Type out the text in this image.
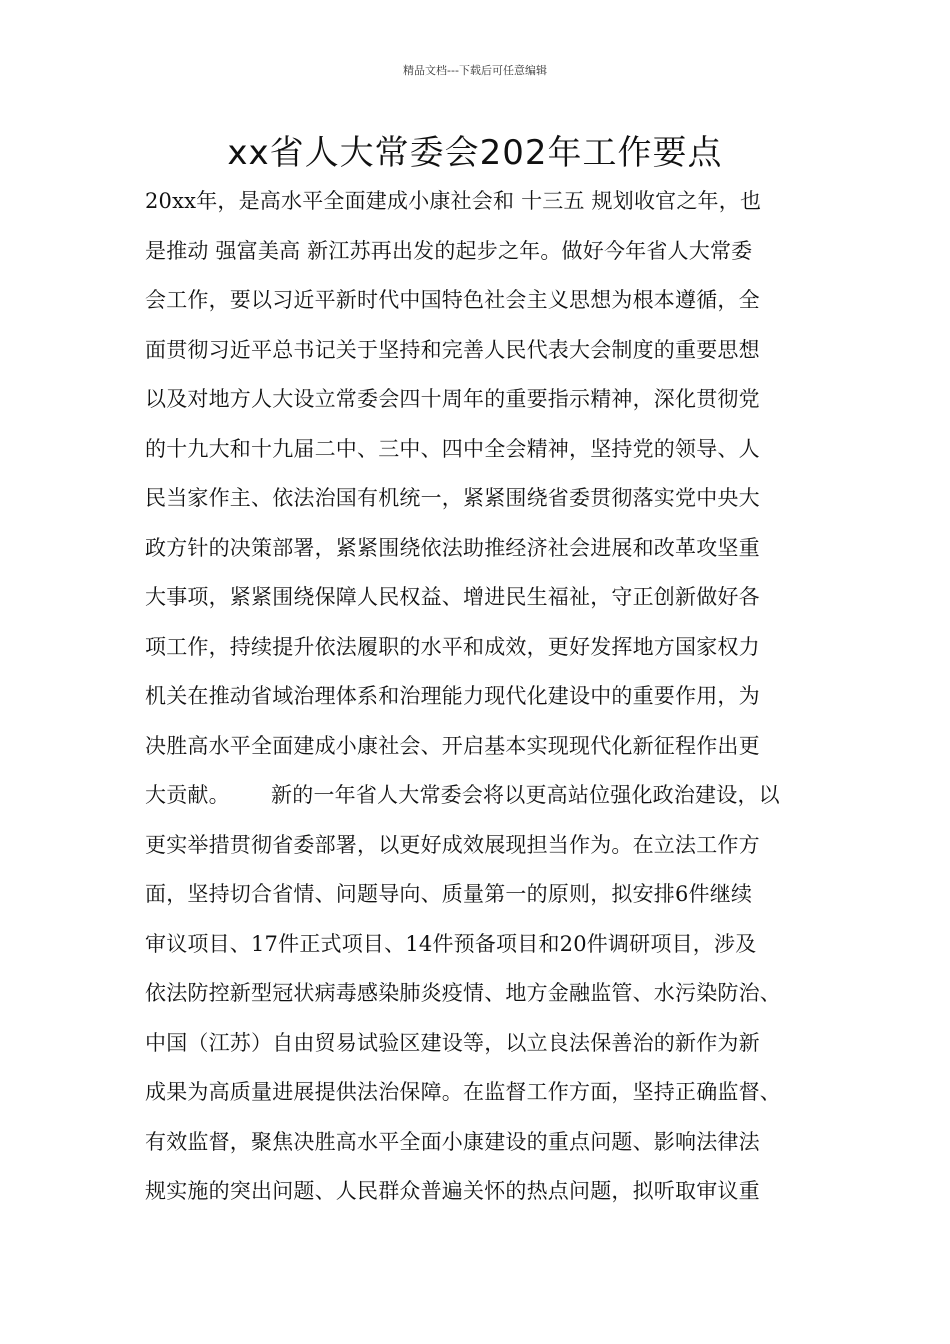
精品文档---下载后可任意编辑
xx省人大常委会202年工作要点
20xx年，是高水平全面建成小康社会和 十三五 规划收官之年，也
是推动 强富美高 新江苏再出发的起步之年。做好今年省人大常委
会工作，要以习近平新时代中国特色社会主义思想为根本遵循，全
面贯彻习近平总书记关于坚持和完善人民代表大会制度的重要思想
以及对地方人大设立常委会四十周年的重要指示精神，深化贯彻党
的十九大和十九届二中、三中、四中全会精神，坚持党的领导、人
民当家作主、依法治国有机统一，紧紧围绕省委贯彻落实党中央大
政方针的决策部署，紧紧围绕依法助推经济社会进展和改革攻坚重
大事项，紧紧围绕保障人民权益、增进民生福祉，守正创新做好各
项工作，持续提升依法履职的水平和成效，更好发挥地方国家权力
机关在推动省域治理体系和治理能力现代化建设中的重要作用，为
决胜高水平全面建成小康社会、开启基本实现现代化新征程作出更
大贡献。      新的一年省人大常委会将以更高站位强化政治建设，以
更实举措贯彻省委部署，以更好成效展现担当作为。在立法工作方
面，坚持切合省情、问题导向、质量第一的原则，拟安排6件继续
审议项目、17件正式项目、14件预备项目和20件调研项目，涉及
依法防控新型冠状病毒感染肺炎疫情、地方金融监管、水污染防治、
中国（江苏）自由贸易试验区建设等，以立良法保善治的新作为新
成果为高质量进展提供法治保障。在监督工作方面，坚持正确监督、
有效监督，聚焦决胜高水平全面小康建设的重点问题、影响法律法
规实施的突出问题、人民群众普遍关怀的热点问题，拟听取审议重
